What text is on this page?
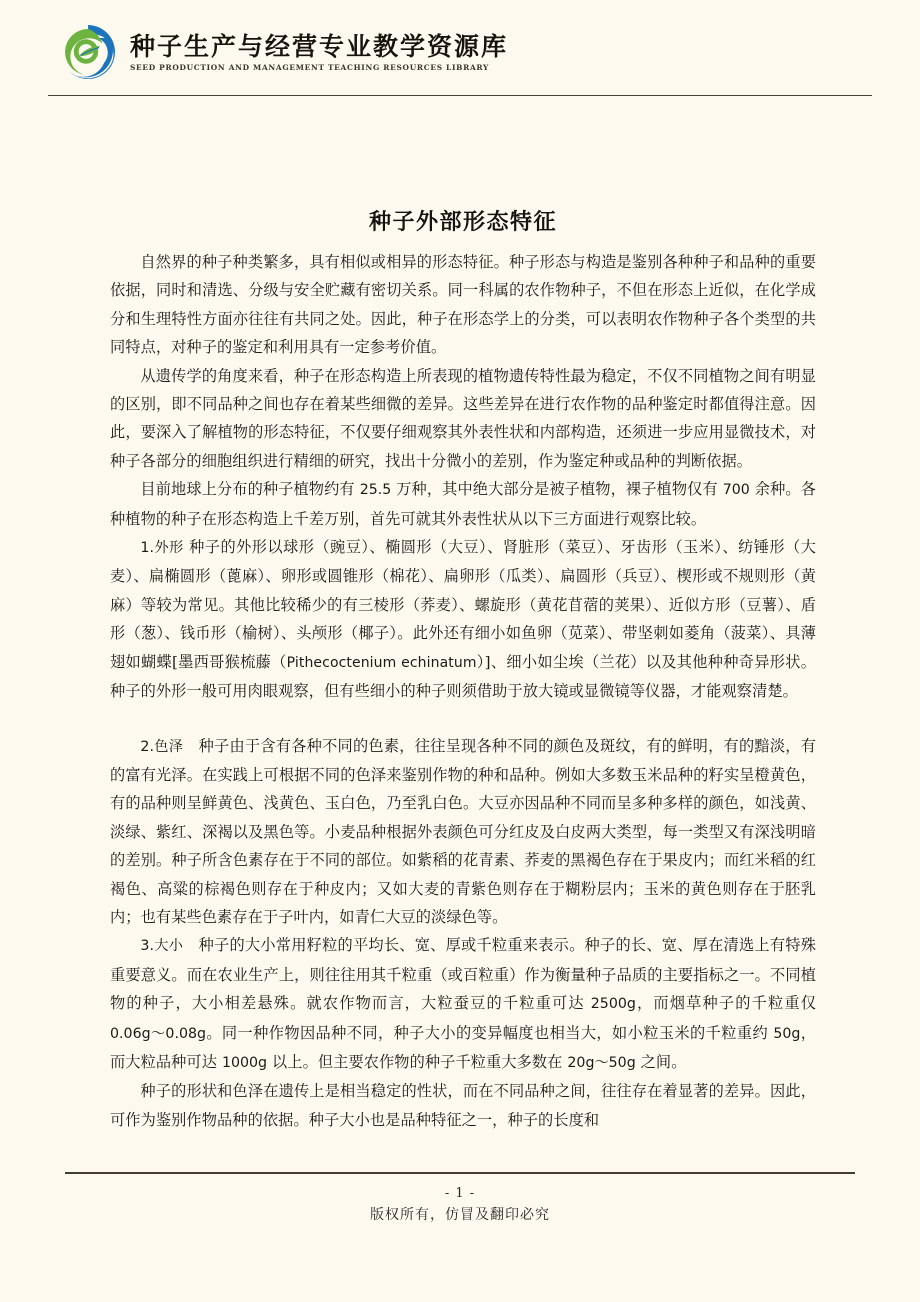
种子生产与经营专业教学资源库
SEED PRODUCTION AND MANAGEMENT TEACHING RESOURCES LIBRARY
种子外部形态特征

自然界的种子种类繁多，具有相似或相异的形态特征。种子形态与构造是鉴别各种种子和品种的重要依据，同时和清选、分级与安全贮藏有密切关系。同一科属的农作物种子，不但在形态上近似，在化学成分和生理特性方面亦往往有共同之处。因此，种子在形态学上的分类，可以表明农作物种子各个类型的共同特点，对种子的鉴定和利用具有一定参考价值。

从遗传学的角度来看，种子在形态构造上所表现的植物遗传特性最为稳定，不仅不同植物之间有明显的区别，即不同品种之间也存在着某些细微的差异。这些差异在进行农作物的品种鉴定时都值得注意。因此，要深入了解植物的形态特征，不仅要仔细观察其外表性状和内部构造，还须进一步应用显微技术，对种子各部分的细胞组织进行精细的研究，找出十分微小的差别，作为鉴定种或品种的判断依据。

目前地球上分布的种子植物约有 25.5 万种，其中绝大部分是被子植物，裸子植物仅有 700 余种。各种植物的种子在形态构造上千差万别，首先可就其外表性状从以下三方面进行观察比较。

1.外形 种子的外形以球形（豌豆）、椭圆形（大豆）、肾脏形（菜豆）、牙齿形（玉米）、纺锤形（大麦）、扁椭圆形（蓖麻）、卵形或圆锥形（棉花）、扁卵形（瓜类）、扁圆形（兵豆）、楔形或不规则形（黄麻）等较为常见。其他比较稀少的有三棱形（荞麦）、螺旋形（黄花苜蓿的荚果）、近似方形（豆薯）、盾形（葱）、钱币形（榆树）、头颅形（椰子）。此外还有细小如鱼卵（苋菜）、带坚刺如菱角（菠菜）、具薄翅如蝴蝶[墨西哥猴梳藤（Pithecoctenium echinatum）]、细小如尘埃（兰花）以及其他种种奇异形状。种子的外形一般可用肉眼观察，但有些细小的种子则须借助于放大镜或显微镜等仪器，才能观察清楚。

2.色泽　种子由于含有各种不同的色素，往往呈现各种不同的颜色及斑纹，有的鲜明，有的黯淡，有的富有光泽。在实践上可根据不同的色泽来鉴别作物的种和品种。例如大多数玉米品种的籽实呈橙黄色，有的品种则呈鲜黄色、浅黄色、玉白色，乃至乳白色。大豆亦因品种不同而呈多种多样的颜色，如浅黄、淡绿、紫红、深褐以及黑色等。小麦品种根据外表颜色可分红皮及白皮两大类型，每一类型又有深浅明暗的差别。种子所含色素存在于不同的部位。如紫稻的花青素、荞麦的黑褐色存在于果皮内；而红米稻的红褐色、高粱的棕褐色则存在于种皮内；又如大麦的青紫色则存在于糊粉层内；玉米的黄色则存在于胚乳内；也有某些色素存在于子叶内，如青仁大豆的淡绿色等。

3.大小　种子的大小常用籽粒的平均长、宽、厚或千粒重来表示。种子的长、宽、厚在清选上有特殊重要意义。而在农业生产上，则往往用其千粒重（或百粒重）作为衡量种子品质的主要指标之一。不同植物的种子，大小相差悬殊。就农作物而言，大粒蚕豆的千粒重可达 2500g，而烟草种子的千粒重仅 0.06g～0.08g。同一种作物因品种不同，种子大小的变异幅度也相当大，如小粒玉米的千粒重约 50g，而大粒品种可达 1000g 以上。但主要农作物的种子千粒重大多数在 20g～50g 之间。

种子的形状和色泽在遗传上是相当稳定的性状，而在不同品种之间，往往存在着显著的差异。因此，可作为鉴别作物品种的依据。种子大小也是品种特征之一，种子的长度和

- 1 -
版权所有，仿冒及翻印必究
